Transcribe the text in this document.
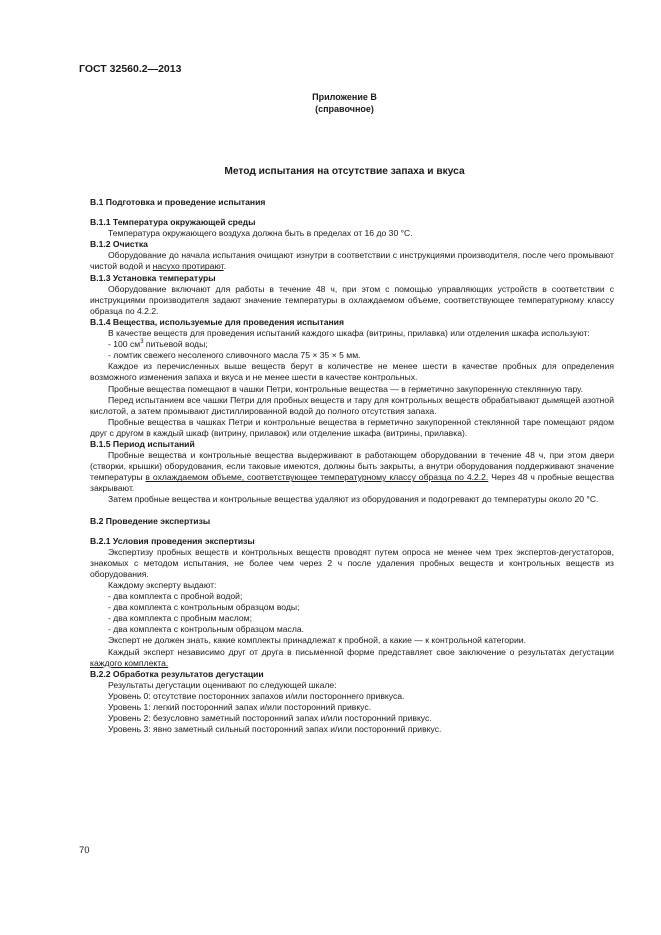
ГОСТ 32560.2—2013
Приложение В
(справочное)
Метод испытания на отсутствие запаха и вкуса

В.1 Подготовка и проведение испытания

В.1.1 Температура окружающей среды

Температура окружающего воздуха должна быть в пределах от 16 до 30 °С.

В.1.2 Очистка

Оборудование до начала испытания очищают изнутри в соответствии с инструкциями производителя, после чего промывают чистой водой и насухо протирают.

В.1.3 Установка температуры

Оборудование включают для работы в течение 48 ч, при этом с помощью управляющих устройств в соответствии с инструкциями производителя задают значение температуры в охлаждаемом объеме, соответствующее температурному классу образца по 4.2.2.

В.1.4 Вещества, используемые для проведения испытания

В качестве веществ для проведения испытаний каждого шкафа (витрины, прилавка) или отделения шкафа используют:

- 100 $см^3$ питьевой воды;

- ломтик свежего несоленого сливочного масла 75 × 35 × 5 мм.

Каждое из перечисленных выше веществ берут в количестве не менее шести в качестве пробных для определения возможного изменения запаха и вкуса и не менее шести в качестве контрольных.

Пробные вещества помещают в чашки Петри, контрольные вещества — в герметично закупоренную стеклянную тару.

Перед испытанием все чашки Петри для пробных веществ и тару для контрольных веществ обрабатывают дымящей азотной кислотой, а затем промывают дистиллированной водой до полного отсутствия запаха.

Пробные вещества в чашках Петри и контрольные вещества в герметично закупоренной стеклянной таре помещают рядом друг с другом в каждый шкаф (витрину, прилавок) или отделение шкафа (витрины, прилавка).

В.1.5 Период испытаний

Пробные вещества и контрольные вещества выдерживают в работающем оборудовании в течение 48 ч, при этом двери (створки, крышки) оборудования, если таковые имеются, должны быть закрыты, а внутри оборудования поддерживают значение температуры в охлаждаемом объеме, соответствующее температурному классу образца по 4.2.2. Через 48 ч пробные вещества закрывают.

Затем пробные вещества и контрольные вещества удаляют из оборудования и подогревают до температуры около 20 °С.

В.2 Проведение экспертизы

В.2.1 Условия проведения экспертизы

Экспертизу пробных веществ и контрольных веществ проводят путем опроса не менее чем трех экспертов-дегустаторов, знакомых с методом испытания, не более чем через 2 ч после удаления пробных веществ и контрольных веществ из оборудования.

Каждому эксперту выдают:

- два комплекта с пробной водой;

- два комплекта с контрольным образцом воды;

- два комплекта с пробным маслом;

- два комплекта с контрольным образцом масла.

Эксперт не должен знать, какие комплекты принадлежат к пробной, а какие — к контрольной категории.

Каждый эксперт независимо друг от друга в письменной форме представляет свое заключение о результатах дегустации каждого комплекта.

В.2.2 Обработка результатов дегустации

Результаты дегустации оценивают по следующей шкале:

Уровень 0: отсутствие посторонних запахов и/или постороннего привкуса.

Уровень 1: легкий посторонний запах и/или посторонний привкус.

Уровень 2: безусловно заметный посторонний запах и/или посторонний привкус.

Уровень 3: явно заметный сильный посторонний запах и/или посторонний привкус.

70
